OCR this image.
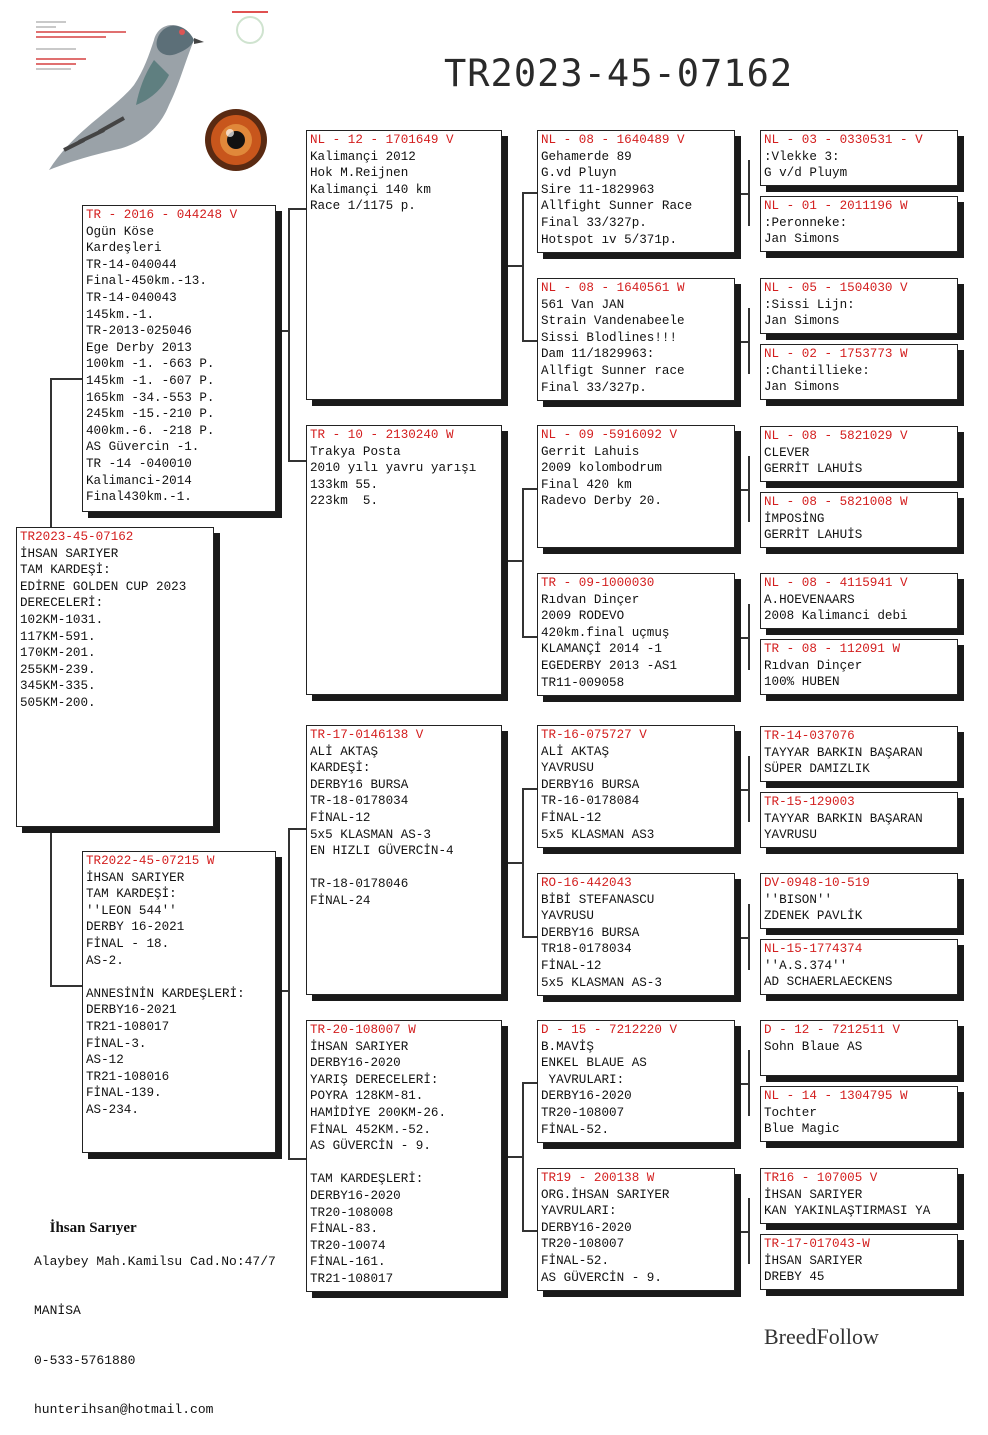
TR2023-45-07162
TR2023-45-07162
İHSAN SARIYER
TAM KARDEŞİ:
EDİRNE GOLDEN CUP 2023
DERECELERİ:
102KM-1031.
117KM-591.
170KM-201.
255KM-239.
345KM-335.
505KM-200.
TR - 2016 - 044248 V
Ogün Köse
Kardeşleri
TR-14-040044
Final-450km.-13.
TR-14-040043
145km.-1.
TR-2013-025046
Ege Derby 2013
100km -1. -663 P.
145km -1. -607 P.
165km -34.-553 P.
245km -15.-210 P.
400km.-6. -218 P.
AS Güvercin -1.
TR -14 -040010
Kalimanci-2014
Final430km.-1.
TR2022-45-07215 W
İHSAN SARIYER
TAM KARDEŞİ:
''LEON 544''
DERBY 16-2021
FİNAL - 18.
AS-2.

ANNESİNİN KARDEŞLERİ:
DERBY16-2021
TR21-108017
FİNAL-3.
AS-12
TR21-108016
FİNAL-139.
AS-234.
NL - 12 - 1701649 V
Kalimançi 2012
Hok M.Reijnen
Kalimançi 140 km
Race 1/1175 p.
TR - 10 - 2130240 W
Trakya Posta
2010 yılı yavru yarışı
133km 55.
223km  5.
TR-17-0146138 V
ALİ AKTAŞ
KARDEŞİ:
DERBY16 BURSA
TR-18-0178034
FİNAL-12
5x5 KLASMAN AS-3
EN HIZLI GÜVERCİN-4

TR-18-0178046
FİNAL-24
TR-20-108007 W
İHSAN SARIYER
DERBY16-2020
YARIŞ DERECELERİ:
POYRA 128KM-81.
HAMİDİYE 200KM-26.
FİNAL 452KM.-52.
AS GÜVERCİN - 9.

TAM KARDEŞLERİ:
DERBY16-2020
TR20-108008
FİNAL-83.
TR20-10074
FİNAL-161.
TR21-108017
NL - 08 - 1640489 V
Gehamerde 89
G.vd Pluyn
Sire 11-1829963
Allfight Sunner Race
Final 33/327p.
Hotspot ıv 5/371p.
NL - 08 - 1640561 W
561 Van JAN
Strain Vandenabeele
Sissi Blodlines!!!
Dam 11/1829963:
Allfigt Sunner race
Final 33/327p.
NL - 09 -5916092 V
Gerrit Lahuis
2009 kolombodrum
Final 420 km
Radevo Derby 20.
TR - 09-1000030
Rıdvan Dinçer
2009 RODEVO
420km.final uçmuş
KLAMANÇİ 2014 -1
EGEDERBY 2013 -AS1
TR11-009058
TR-16-075727 V
ALİ AKTAŞ
YAVRUSU
DERBY16 BURSA
TR-16-0178084
FİNAL-12
5x5 KLASMAN AS3
RO-16-442043
BİBİ STEFANASCU
YAVRUSU
DERBY16 BURSA
TR18-0178034
FİNAL-12
5x5 KLASMAN AS-3
D - 15 - 7212220 V
B.MAVİŞ
ENKEL BLAUE AS
YAVRULARI:
DERBY16-2020
TR20-108007
FİNAL-52.
TR19 - 200138 W
ORG.İHSAN SARIYER
YAVRULARI:
DERBY16-2020
TR20-108007
FİNAL-52.
AS GÜVERCİN - 9.
NL - 03 - 0330531 - V
:Vlekke 3:
G v/d Pluym
NL - 01 - 2011196 W
:Peronneke:
Jan Simons
NL - 05 - 1504030 V
:Sissi Lijn:
Jan Simons
NL - 02 - 1753773 W
:Chantillieke:
Jan Simons
NL - 08 - 5821029 V
CLEVER
GERRİT LAHUİS
NL - 08 - 5821008 W
İMPOSİNG
GERRİT LAHUİS
NL - 08 - 4115941 V
A.HOEVENAARS
2008 Kalimanci debi
TR - 08 - 112091 W
Rıdvan Dinçer
100% HUBEN
TR-14-037076
TAYYAR BARKIN BAŞARAN
SÜPER DAMIZLIK
TR-15-129003
TAYYAR BARKIN BAŞARAN
YAVRUSU
DV-0948-10-519
''BISON''
ZDENEK PAVLİK
NL-15-1774374
''A.S.374''
AD SCHAERLAECKENS
D - 12 - 7212511 V
Sohn Blaue AS
NL - 14 - 1304795 W
Tochter
Blue Magic
TR16 - 107005 V
İHSAN SARIYER
KAN YAKINLAŞTIRMASI YA
TR-17-017043-W
İHSAN SARIYER
DREBY 45

İhsan Sarıyer

Alaybey Mah.Kamilsu Cad.No:47/7

MANİSA

0-533-5761880

hunterihsan@hotmail.com

BreedFollow
